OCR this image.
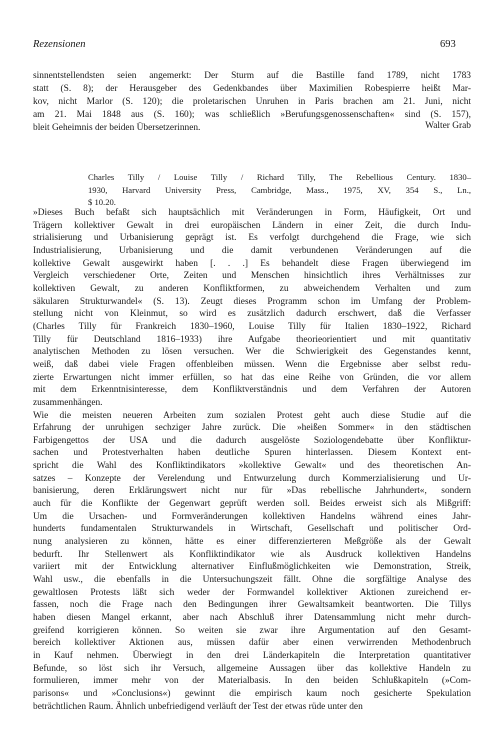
Rezensionen	693
sinnentstellendsten seien angemerkt: Der Sturm auf die Bastille fand 1789, nicht 1783
statt (S. 8); der Herausgeber des Gedenkbandes über Maximilien Robespierre heißt Mar-
kov, nicht Marlor (S. 120); die proletarischen Unruhen in Paris brachen am 21. Juni, nicht
am 21. Mai 1848 aus (S. 160); was schließlich »Berufungsgenossenschaften« sind (S. 157),
bleit Geheimnis der beiden Übersetzerinnen.	Walter Grab
Charles Tilly / Louise Tilly / Richard Tilly, The Rebellious Century. 1830–
1930, Harvard University Press, Cambridge, Mass., 1975, XV, 354 S., Ln.,
$ 10.20.
»Dieses Buch befaßt sich hauptsächlich mit Veränderungen in Form, Häufigkeit, Ort und
Trägern kollektiver Gewalt in drei europäischen Ländern in einer Zeit, die durch Indu-
strialisierung und Urbanisierung geprägt ist. Es verfolgt durchgehend die Frage, wie sich
Industrialisierung, Urbanisierung und die damit verbundenen Veränderungen auf die
kollektive Gewalt ausgewirkt haben [. . .] Es behandelt diese Fragen überwiegend im
Vergleich verschiedener Orte, Zeiten und Menschen hinsichtlich ihres Verhältnisses zur
kollektiven Gewalt, zu anderen Konfliktformen, zu abweichendem Verhalten und zum
säkularen Strukturwandel« (S. 13). Zeugt dieses Programm schon im Umfang der Problem-
stellung nicht von Kleinmut, so wird es zusätzlich dadurch erschwert, daß die Verfasser
(Charles Tilly für Frankreich 1830–1960, Louise Tilly für Italien 1830–1922, Richard
Tilly für Deutschland 1816–1933) ihre Aufgabe theorieorientiert und mit quantitativ
analytischen Methoden zu lösen versuchen. Wer die Schwierigkeit des Gegenstandes kennt,
weiß, daß dabei viele Fragen offenbleiben müssen. Wenn die Ergebnisse aber selbst redu-
zierte Erwartungen nicht immer erfüllen, so hat das eine Reihe von Gründen, die vor allem
mit dem Erkenntnisinteresse, dem Konfliktverständnis und dem Verfahren der Autoren
zusammenhängen.
Wie die meisten neueren Arbeiten zum sozialen Protest geht auch diese Studie auf die
Erfahrung der unruhigen sechziger Jahre zurück. Die »heißen Sommer« in den städtischen
Farbigengettos der USA und die dadurch ausgelöste Soziologendebatte über Konfliktur-
sachen und Protestverhalten haben deutliche Spuren hinterlassen. Diesem Kontext ent-
spricht die Wahl des Konfliktindikators »kollektive Gewalt« und des theoretischen An-
satzes – Konzepte der Verelendung und Entwurzelung durch Kommerzialisierung und Ur-
banisierung, deren Erklärungswert nicht nur für »Das rebellische Jahrhundert«, sondern
auch für die Konflikte der Gegenwart geprüft werden soll. Beides erweist sich als Mißgriff:
Um die Ursachen- und Formveränderungen kollektiven Handelns während eines Jahr-
hunderts fundamentalen Strukturwandels in Wirtschaft, Gesellschaft und politischer Ord-
nung analysieren zu können, hätte es einer differenzierteren Meßgröße als der Gewalt
bedurft. Ihr Stellenwert als Konfliktindikator wie als Ausdruck kollektiven Handelns
variiert mit der Entwicklung alternativer Einflußmöglichkeiten wie Demonstration, Streik,
Wahl usw., die ebenfalls in die Untersuchungszeit fällt. Ohne die sorgfältige Analyse des
gewaltlosen Protests läßt sich weder der Formwandel kollektiver Aktionen zureichend er-
fassen, noch die Frage nach den Bedingungen ihrer Gewaltsamkeit beantworten. Die Tillys
haben diesen Mangel erkannt, aber nach Abschluß ihrer Datensammlung nicht mehr durch-
greifend korrigieren können. So weiten sie zwar ihre Argumentation auf den Gesamt-
bereich kollektiver Aktionen aus, müssen dafür aber einen verwirrenden Methodenbruch
in Kauf nehmen. Überwiegt in den drei Länderkapiteln die Interpretation quantitativer
Befunde, so löst sich ihr Versuch, allgemeine Aussagen über das kollektive Handeln zu
formulieren, immer mehr von der Materialbasis. In den beiden Schlußkapiteln (»Com-
parisons« und »Conclusions«) gewinnt die empirisch kaum noch gesicherte Spekulation
beträchtlichen Raum. Ähnlich unbefriedigend verläuft der Test der etwas rüde unter den
